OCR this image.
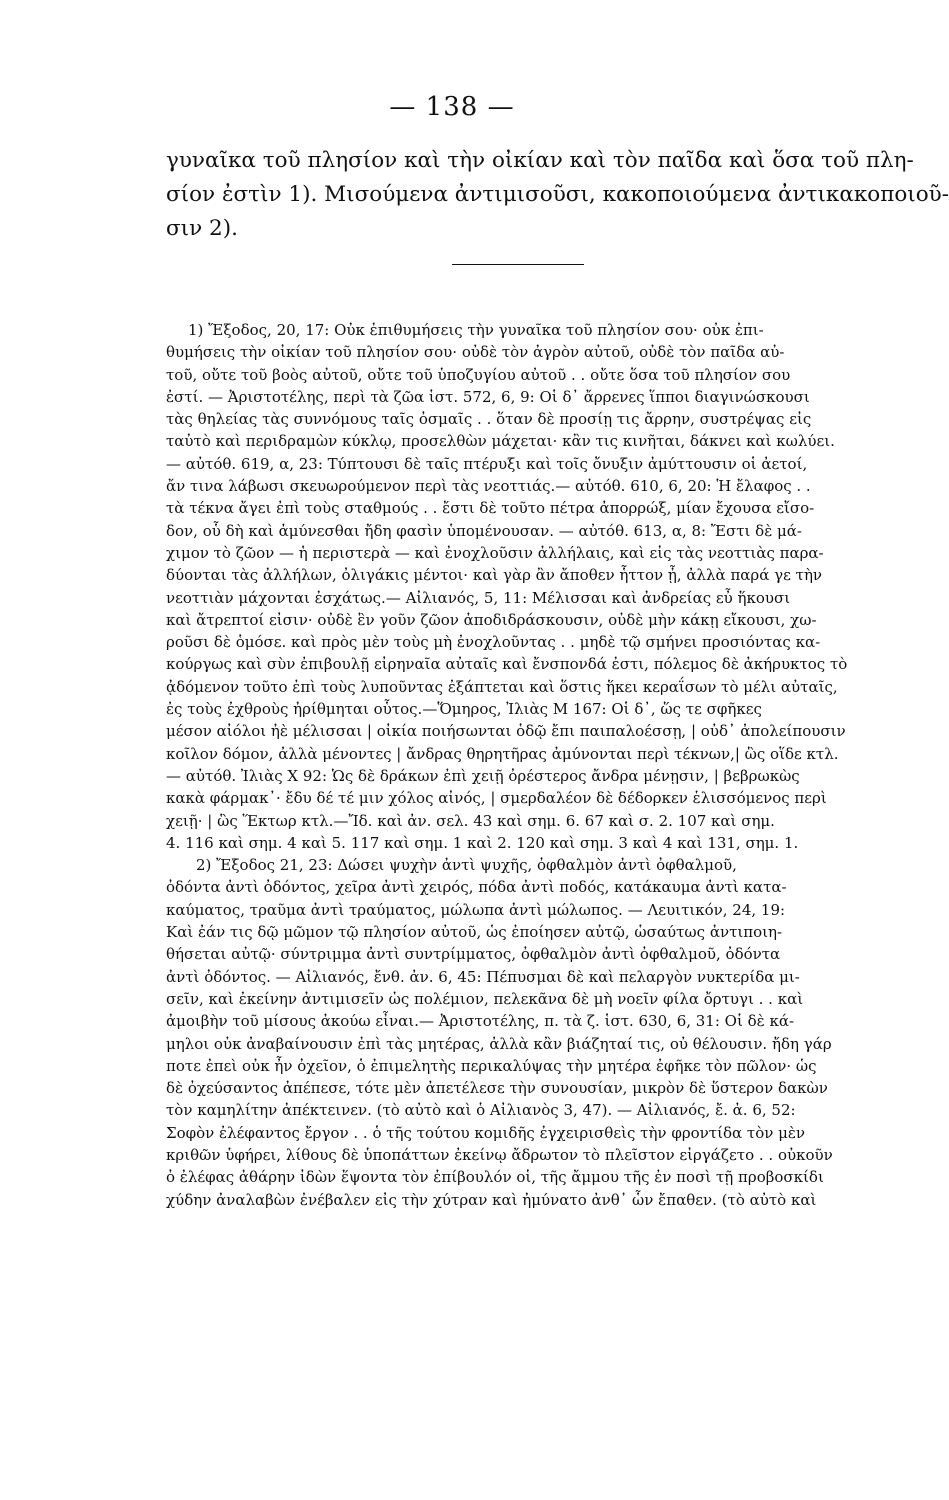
— 138 —
γυναῖκα τοῦ πλησίον καὶ τὴν οἰκίαν καὶ τὸν παῖδα καὶ ὅσα τοῦ πλη-
σίον ἐστὶν 1). Μισούμενα ἀντιμισοῦσι, κακοποιούμενα ἀντικακοποιοῦ-
σιν 2).
1) Ἔξοδος, 20, 17: Οὐκ ἐπιθυμήσεις τὴν γυναῖκα τοῦ πλησίον σου· οὐκ ἐπι-
θυμήσεις τὴν οἰκίαν τοῦ πλησίον σου· οὐδὲ τὸν ἀγρὸν αὐτοῦ, οὐδὲ τὸν παῖδα αὐ-
τοῦ, οὔτε τοῦ βοὸς αὐτοῦ, οὔτε τοῦ ὑποζυγίου αὐτοῦ . . οὔτε ὅσα τοῦ πλησίον σου
ἐστί. — Ἀριστοτέλης, περὶ τὰ ζῶα ἱστ. 572, 6, 9: Οἱ δ᾽ ἄρρενες ἵπποι διαγινώσκουσι
τὰς θηλείας τὰς συννόμους ταῖς ὀσμαῖς . . ὅταν δὲ προσίῃ τις ἄρρην, συστρέψας εἰς
ταὐτὸ καὶ περιδραμὼν κύκλῳ, προσελθὼν μάχεται· κἂν τις κινῆται, δάκνει καὶ κωλύει.
— αὐτόθ. 619, α, 23: Τύπτουσι δὲ ταῖς πτέρυξι καὶ τοῖς ὄνυξιν ἀμύττουσιν οἱ ἀετοί,
ἄν τινα λάβωσι σκευωρούμενον περὶ τὰς νεοττιάς.— αὐτόθ. 610, 6, 20: Ἡ ἔλαφος . .
τὰ τέκνα ἄγει ἐπὶ τοὺς σταθμούς . . ἔστι δὲ τοῦτο πέτρα ἀπορρώξ, μίαν ἔχουσα εἴσο-
δον, οὗ δὴ καὶ ἀμύνεσθαι ἤδη φασὶν ὑπομένουσαν. — αὐτόθ. 613, α, 8: Ἔστι δὲ μά-
χιμον τὸ ζῶον — ἡ περιστερὰ — καὶ ἐνοχλοῦσιν ἀλλήλαις, καὶ εἰς τὰς νεοττιὰς παρα-
δύονται τὰς ἀλλήλων, ὀλιγάκις μέντοι· καὶ γὰρ ἂν ἄποθεν ἧττον ᾖ, ἀλλὰ παρά γε τὴν
νεοττιὰν μάχονται ἐσχάτως.— Αἰλιανός, 5, 11: Μέλισσαι καὶ ἀνδρείας εὖ ἥκουσι
καὶ ἄτρεπτοί εἰσιν· οὐδὲ ἓν γοῦν ζῶον ἀποδιδράσκουσιν, οὐδὲ μὴν κάκῃ εἴκουσι, χω-
ροῦσι δὲ ὁμόσε. καὶ πρὸς μὲν τοὺς μὴ ἐνοχλοῦντας . . μηδὲ τῷ σμήνει προσιόντας κα-
κούργως καὶ σὺν ἐπιβουλῇ εἰρηναῖα αὐταῖς καὶ ἔνσπονδά ἐστι, πόλεμος δὲ ἀκήρυκτος τὸ
ᾀδόμενον τοῦτο ἐπὶ τοὺς λυποῦντας ἐξάπτεται καὶ ὅστις ἥκει κεραΐσων τὸ μέλι αὐταῖς,
ἐς τοὺς ἐχθροὺς ἠρίθμηται οὗτος.—Ὅμηρος, Ἰλιὰς Μ 167: Οἱ δ᾽, ὥς τε σφῆκες
μέσον αἰόλοι ἠὲ μέλισσαι | οἰκία ποιήσωνται ὁδῷ ἔπι παιπαλοέσσῃ, | οὐδ᾽ ἀπολείπουσιν
κοῖλον δόμον, ἀλλὰ μένοντες | ἄνδρας θηρητῆρας ἀμύνονται περὶ τέκνων,| ὣς οἵδε κτλ.
— αὐτόθ. Ἰλιὰς Χ 92: Ὡς δὲ δράκων ἐπὶ χειῇ ὀρέστερος ἄνδρα μένῃσιν, | βεβρωκὼς
κακὰ φάρμακ᾽· ἔδυ δέ τέ μιν χόλος αἰνός, | σμερδαλέον δὲ δέδορκεν ἑλισσόμενος περὶ
χειῇ· | ὣς Ἕκτωρ κτλ.—Ἴδ. καὶ ἀν. σελ. 43 καὶ σημ. 6. 67 καὶ σ. 2. 107 καὶ σημ.
4. 116 καὶ σημ. 4 καὶ 5. 117 καὶ σημ. 1 καὶ 2. 120 καὶ σημ. 3 καὶ 4 καὶ 131, σημ. 1.
2) Ἔξοδος 21, 23: Δώσει ψυχὴν ἀντὶ ψυχῆς, ὀφθαλμὸν ἀντὶ ὀφθαλμοῦ,
ὀδόντα ἀντὶ ὀδόντος, χεῖρα ἀντὶ χειρός, πόδα ἀντὶ ποδός, κατάκαυμα ἀντὶ κατα-
καύματος, τραῦμα ἀντὶ τραύματος, μώλωπα ἀντὶ μώλωπος. — Λευιτικόν, 24, 19:
Καὶ ἐάν τις δῷ μῶμον τῷ πλησίον αὐτοῦ, ὡς ἐποίησεν αὐτῷ, ὡσαύτως ἀντιποιη-
θήσεται αὐτῷ· σύντριμμα ἀντὶ συντρίμματος, ὀφθαλμὸν ἀντὶ ὀφθαλμοῦ, ὀδόντα
ἀντὶ ὀδόντος. — Αἰλιανός, ἔνθ. ἀν. 6, 45: Πέπυσμαι δὲ καὶ πελαργὸν νυκτερίδα μι-
σεῖν, καὶ ἐκείνην ἀντιμισεῖν ὡς πολέμιον, πελεκᾶνα δὲ μὴ νοεῖν φίλα ὄρτυγι . . καὶ
ἀμοιβὴν τοῦ μίσους ἀκούω εἶναι.— Ἀριστοτέλης, π. τὰ ζ. ἱστ. 630, 6, 31: Οἱ δὲ κά-
μηλοι οὐκ ἀναβαίνουσιν ἐπὶ τὰς μητέρας, ἀλλὰ κἂν βιάζηταί τις, οὐ θέλουσιν. ἤδη γάρ
ποτε ἐπεὶ οὐκ ἦν ὀχεῖον, ὁ ἐπιμελητὴς περικαλύψας τὴν μητέρα ἐφῆκε τὸν πῶλον· ὡς
δὲ ὀχεύσαντος ἀπέπεσε, τότε μὲν ἀπετέλεσε τὴν συνουσίαν, μικρὸν δὲ ὕστερον δακὼν
τὸν καμηλίτην ἀπέκτεινεν. (τὸ αὐτὸ καὶ ὁ Αἰλιανὸς 3, 47). — Αἰλιανός, ἔ. ἀ. 6, 52:
Σοφὸν ἐλέφαντος ἔργον . . ὁ τῆς τούτου κομιδῆς ἐγχειρισθεὶς τὴν φροντίδα τὸν μὲν
κριθῶν ὑφήρει, λίθους δὲ ὑποπάττων ἐκείνῳ ἄδρωτον τὸ πλεῖστον εἰργάζετο . . οὐκοῦν
ὁ ἐλέφας ἀθάρην ἰδὼν ἕψοντα τὸν ἐπίβουλόν οἱ, τῆς ἄμμου τῆς ἐν ποσὶ τῇ προβοσκίδι
χύδην ἀναλαβὼν ἐνέβαλεν εἰς τὴν χύτραν καὶ ἠμύνατο ἀνθ᾽ ὧν ἔπαθεν. (τὸ αὐτὸ καὶ
